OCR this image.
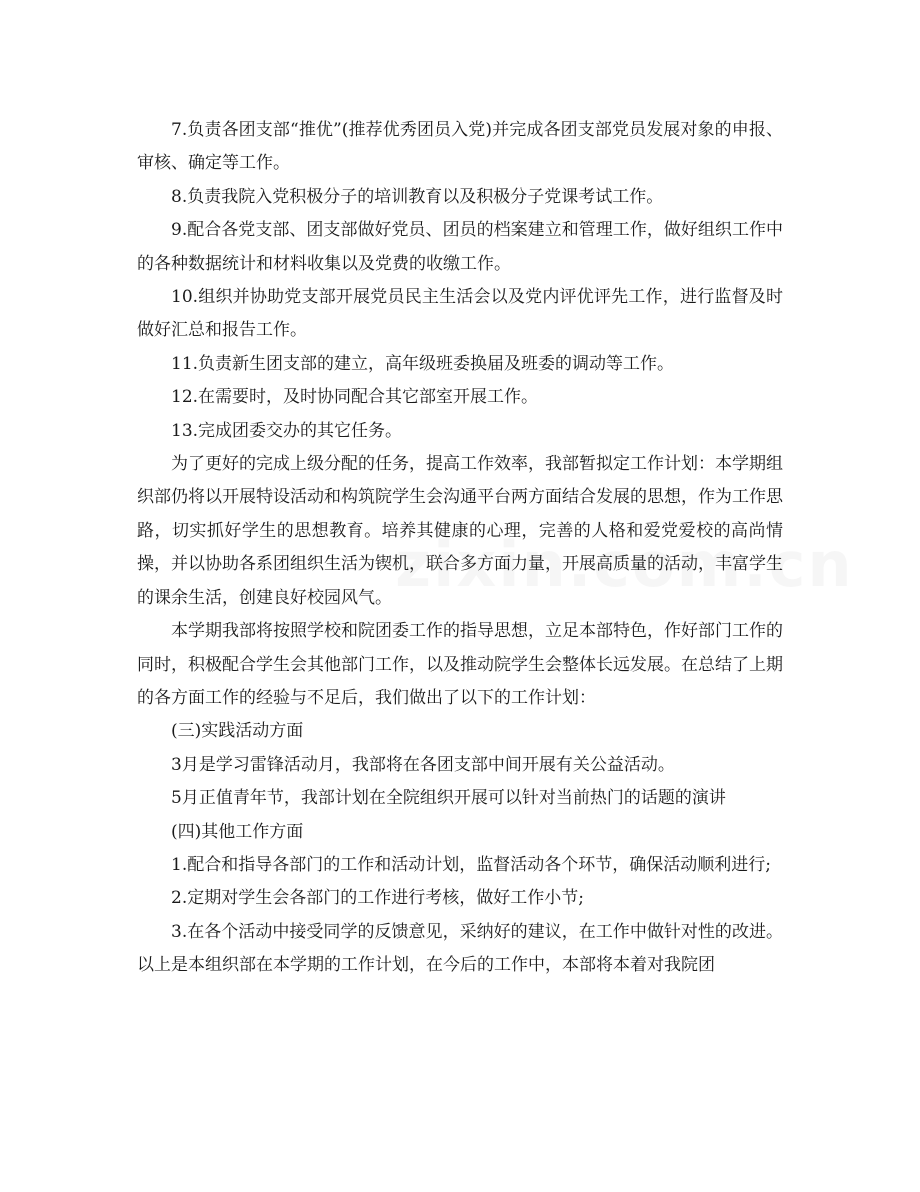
7.负责各团支部“推优”(推荐优秀团员入党)并完成各团支部党员发展对象的申报、审核、确定等工作。

8.负责我院入党积极分子的培训教育以及积极分子党课考试工作。

9.配合各党支部、团支部做好党员、团员的档案建立和管理工作，做好组织工作中的各种数据统计和材料收集以及党费的收缴工作。

10.组织并协助党支部开展党员民主生活会以及党内评优评先工作，进行监督及时做好汇总和报告工作。

11.负责新生团支部的建立，高年级班委换届及班委的调动等工作。

12.在需要时，及时协同配合其它部室开展工作。

13.完成团委交办的其它任务。

为了更好的完成上级分配的任务，提高工作效率，我部暂拟定工作计划：本学期组织部仍将以开展特设活动和构筑院学生会沟通平台两方面结合发展的思想，作为工作思路，切实抓好学生的思想教育。培养其健康的心理，完善的人格和爱党爱校的高尚情操，并以协助各系团组织生活为锲机，联合多方面力量，开展高质量的活动，丰富学生的课余生活，创建良好校园风气。

本学期我部将按照学校和院团委工作的指导思想，立足本部特色，作好部门工作的同时，积极配合学生会其他部门工作，以及推动院学生会整体长远发展。在总结了上期的各方面工作的经验与不足后，我们做出了以下的工作计划：

(三)实践活动方面

3月是学习雷锋活动月，我部将在各团支部中间开展有关公益活动。

5月正值青年节，我部计划在全院组织开展可以针对当前热门的话题的演讲

(四)其他工作方面

1.配合和指导各部门的工作和活动计划，监督活动各个环节，确保活动顺利进行;

2.定期对学生会各部门的工作进行考核，做好工作小节;

3.在各个活动中接受同学的反馈意见，采纳好的建议，在工作中做针对性的改进。以上是本组织部在本学期的工作计划，在今后的工作中，本部将本着对我院团
